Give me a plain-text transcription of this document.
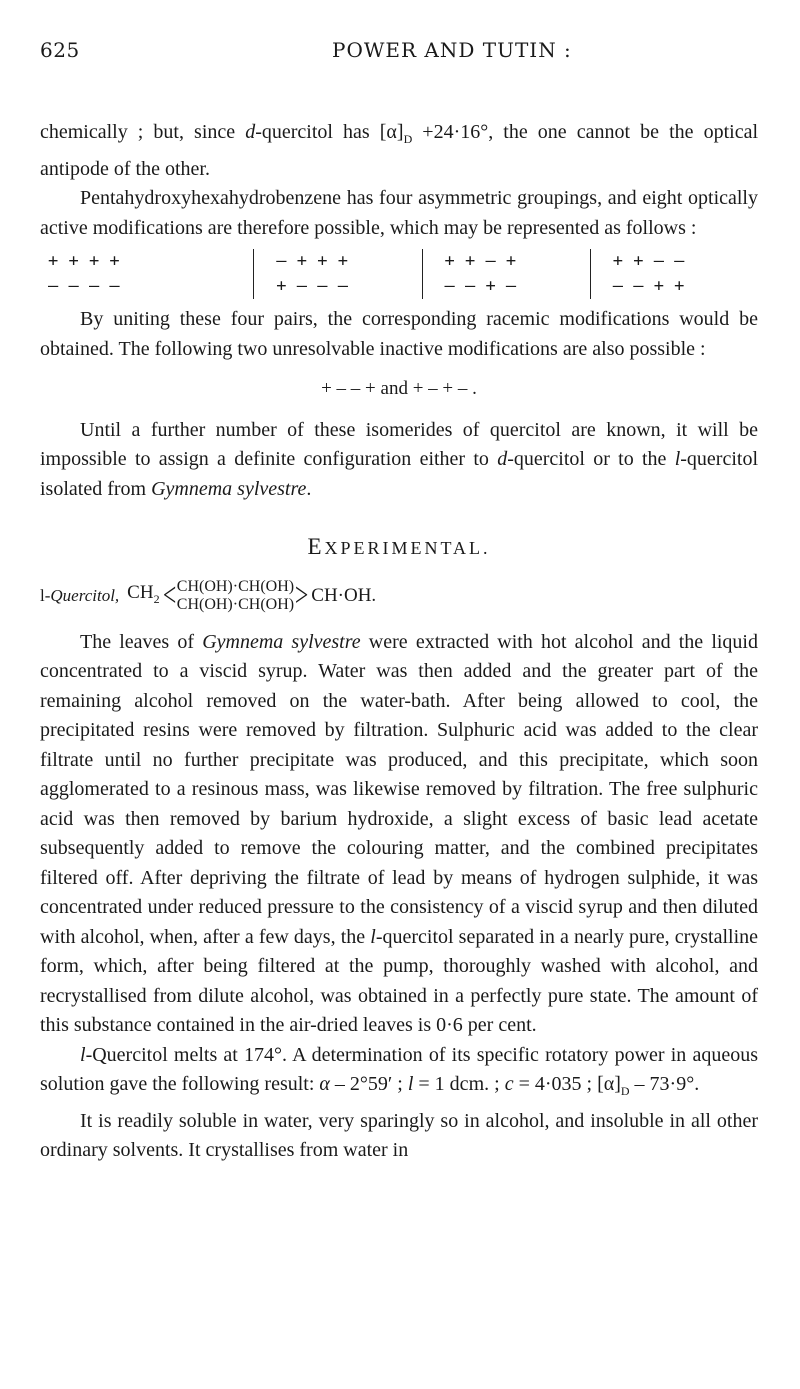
625	POWER AND TUTIN :

chemically ; but, since d-quercitol has $[\alpha]_D +24\cdot 16^\circ$, the one cannot be the optical antipode of the other.

Pentahydroxyhexahydrobenzene has four asymmetric groupings, and eight optically active modifications are therefore possible, which may be represented as follows :

+ + + +
– – – –
– + + +
+ – – –
+ + – +
– – + –
+ + – –
– – + +

By uniting these four pairs, the corresponding racemic modifications would be obtained. The following two unresolvable inactive modifications are also possible :

+ – – + and + – + – .

Until a further number of these isomerides of quercitol are known, it will be impossible to assign a definite configuration either to d-quercitol or to the l-quercitol isolated from Gymnema sylvestre.

EXPERIMENTAL.
l-Quercitol, $CH_2 < CH(OH)\cdot CH(OH)$
CH(OH)·CH(OH) > CH·OH.

The leaves of Gymnema sylvestre were extracted with hot alcohol and the liquid concentrated to a viscid syrup. Water was then added and the greater part of the remaining alcohol removed on the water-bath. After being allowed to cool, the precipitated resins were removed by filtration. Sulphuric acid was added to the clear filtrate until no further precipitate was produced, and this precipitate, which soon agglomerated to a resinous mass, was likewise removed by filtration. The free sulphuric acid was then removed by barium hydroxide, a slight excess of basic lead acetate subsequently added to remove the colouring matter, and the combined precipitates filtered off. After depriving the filtrate of lead by means of hydrogen sulphide, it was concentrated under reduced pressure to the consistency of a viscid syrup and then diluted with alcohol, when, after a few days, the l-quercitol separated in a nearly pure, crystalline form, which, after being filtered at the pump, thoroughly washed with alcohol, and recrystallised from dilute alcohol, was obtained in a perfectly pure state. The amount of this substance contained in the air-dried leaves is 0·6 per cent.

l-Quercitol melts at 174°. A determination of its specific rotatory power in aqueous solution gave the following result: α – 2°59′ ; l = 1 dcm. ; c = 4·035 ; $[\alpha]_D - 73\cdot 9^\circ$.

It is readily soluble in water, very sparingly so in alcohol, and insoluble in all other ordinary solvents. It crystallises from water in
